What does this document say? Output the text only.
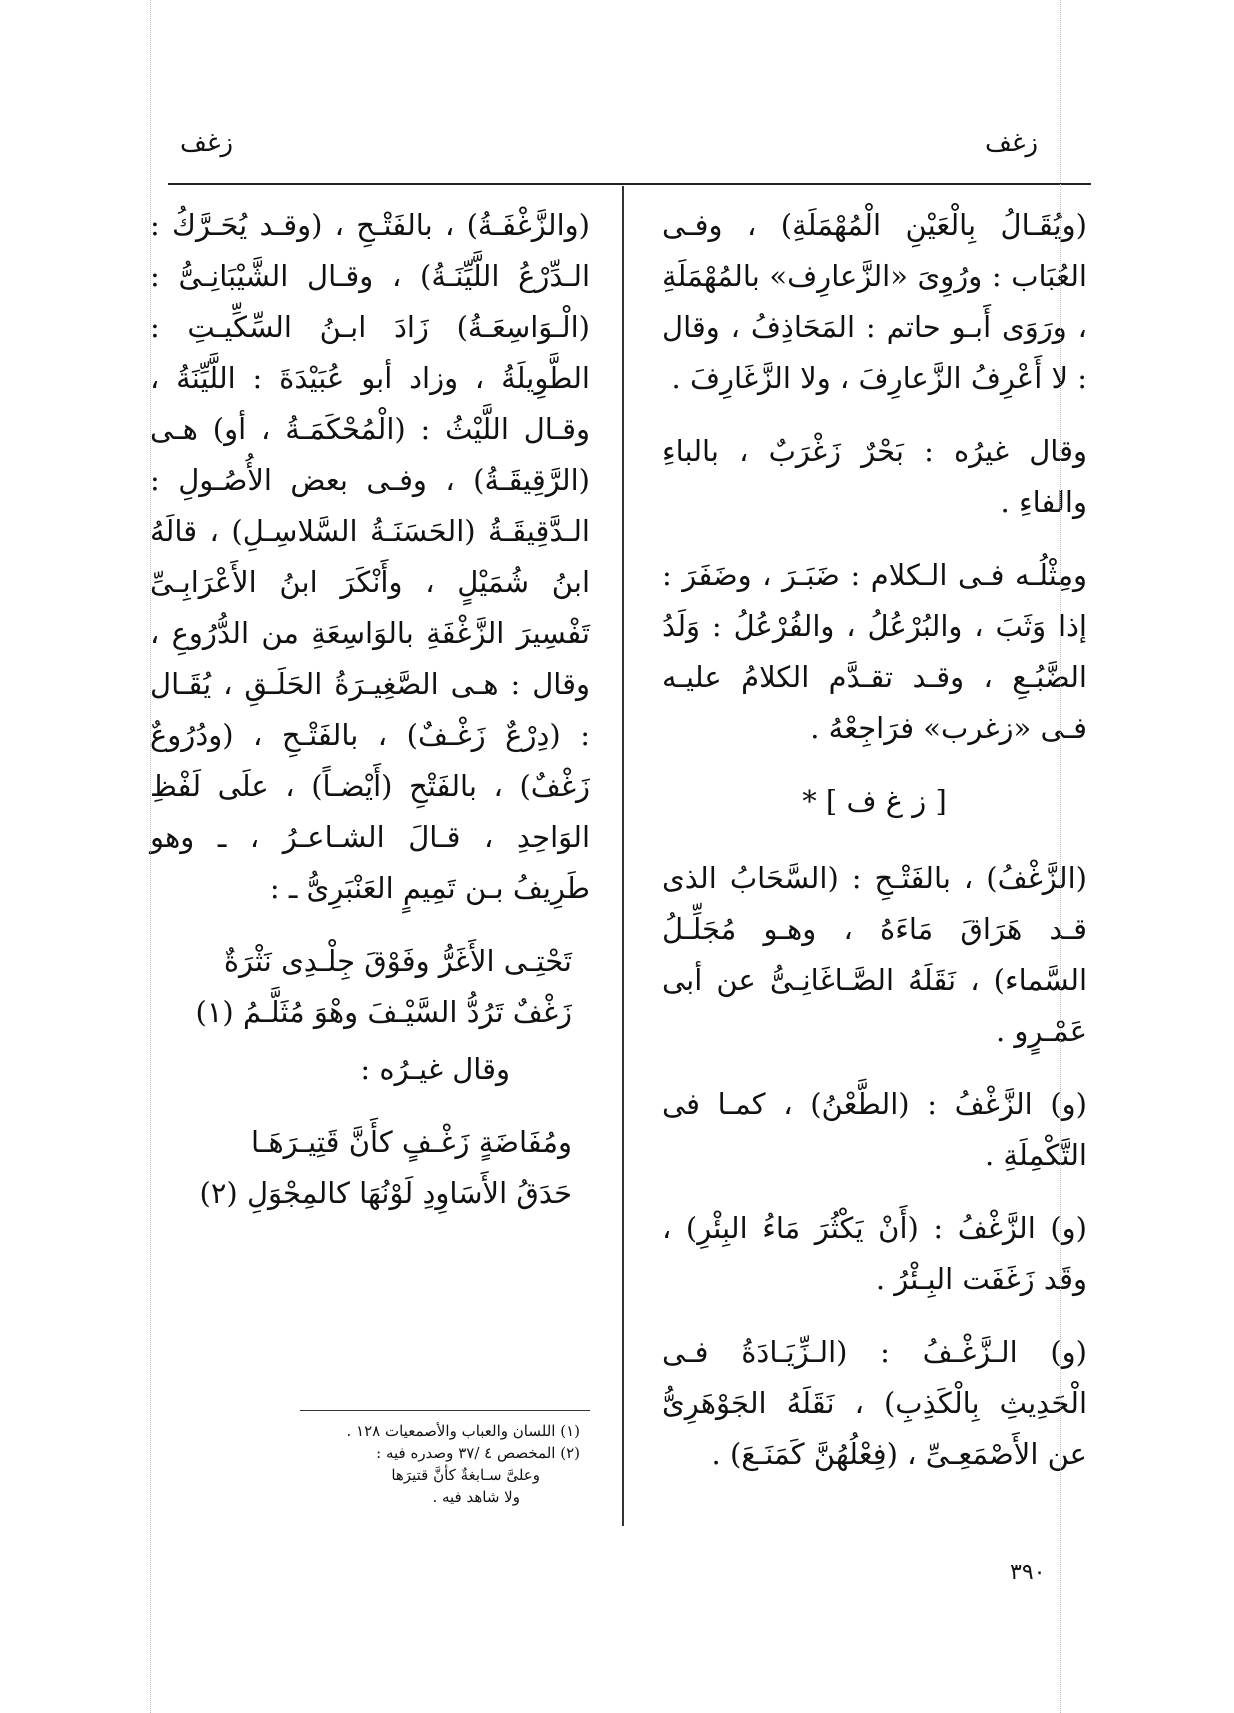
زغف
زغف

(ويُقَـالُ بِالْعَيْنِ الْمُهْمَلَةِ) ، وفـى العُبَاب : ورُوِىَ «الزَّعارِف» بالمُهْمَلَةِ ، ورَوَى أَبـو حاتم : المَحَاذِفُ ، وقال : لا أَعْرِفُ الزَّعارِفَ ، ولا الزَّغَارِفَ .

وقال غيرُه : بَحْرٌ زَغْرَبٌ ، بالباءِ والفاءِ .

ومِثْلُـه فـى الـكلام : ضَبَـرَ ، وضَفَرَ : إذا وَثَبَ ، والبُرْعُلُ ، والفُرْعُلُ : وَلَدُ الضَّبُـعِ ، وقـد تقـدَّم الكلامُ عليـه فـى «زغرب» فرَاجِعْهُ .

[ ز غ ف ] *

(الزَّغْفُ) ، بالفَتْـحِ : (السَّحَابُ الذى قـد هَرَاقَ مَاءَهُ ، وهـو مُجَلِّـلُ السَّماء) ، نَقَلَهُ الصَّـاغَانِـىُّ عن أبى عَمْـرٍو .

(و) الزَّغْفُ : (الطَّعْنُ) ، كمـا فى التَّكْمِلَةِ .

(و) الزَّغْفُ : (أَنْ يَكْثُرَ مَاءُ البِئْرِ) ، وقَد زَغَفَت البِـئْرُ .

(و) الـزَّغْـفُ : (الـزِّيَـادَةُ فـى الْحَدِيثِ بِالْكَذِبِ) ، نَقَلَهُ الجَوْهَرِىُّ عن الأَصْمَعِـىِّ ، (فِعْلُهُنَّ كَمَنَـعَ) .

(والزَّغْفَـةُ) ، بالفَتْـحِ ، (وقـد يُحَـرَّكُ : الـدِّرْعُ اللَّيِّنَـةُ) ، وقـال الشَّيْبَانِـىُّ : (الْـوَاسِعَـةُ) زَادَ ابـنُ السِّكِّيـتِ : الطَّوِيلَةُ ، وزاد أبو عُبَيْدَةَ : اللَّيِّنَةُ ، وقـال اللَّيْثُ : (الْمُحْكَمَـةُ ، أو) هـى (الرَّقِيقَـةُ) ، وفـى بعض الأُصُـولِ : الـدَّقِيقَـةُ (الحَسَنَـةُ السَّلاسِـلِ) ، قالَهُ ابنُ شُمَيْلٍ ، وأَنْكَرَ ابنُ الأَعْرَابِـىِّ تَفْسِيرَ الزَّغْفَةِ بالوَاسِعَةِ من الدُّرُوعِ ، وقال : هـى الصَّغِيـرَةُ الحَلَـقِ ، يُقَـال : (دِرْعٌ زَغْـفٌ) ، بالفَتْـحِ ، (ودُرُوعٌ زَغْفٌ) ، بالفَتْحِ (أَيْضـاً) ، علَى لَفْظِ الوَاحِدِ ، قـالَ الشـاعـرُ ، ـ وهو طَرِيفُ بـن تَمِيمٍ العَنْبَرِىُّ ـ :

تَحْتِـى الأَغَرُّ وفَوْقَ جِلْـدِى نَثْرَةٌ
زَغْفٌ تَرُدُّ السَّيْـفَ وهْوَ مُثَلَّـمُ (١)

وقال غيـرُه :

ومُفَاضَةٍ زَغْـفٍ كأَنَّ قَتِيـرَهَـا
حَدَقُ الأَسَاوِدِ لَوْنُهَا كالمِجْوَلِ (٢)
(١) اللسان والعباب والأصمعيات ١٢٨ .
(٢) المخصص ٤ /٣٧ وصدره فيه :
وعلىَّ سـابغةٌ كأنَّ قتيرَها
ولا شاهد فيه .
٣٩٠
